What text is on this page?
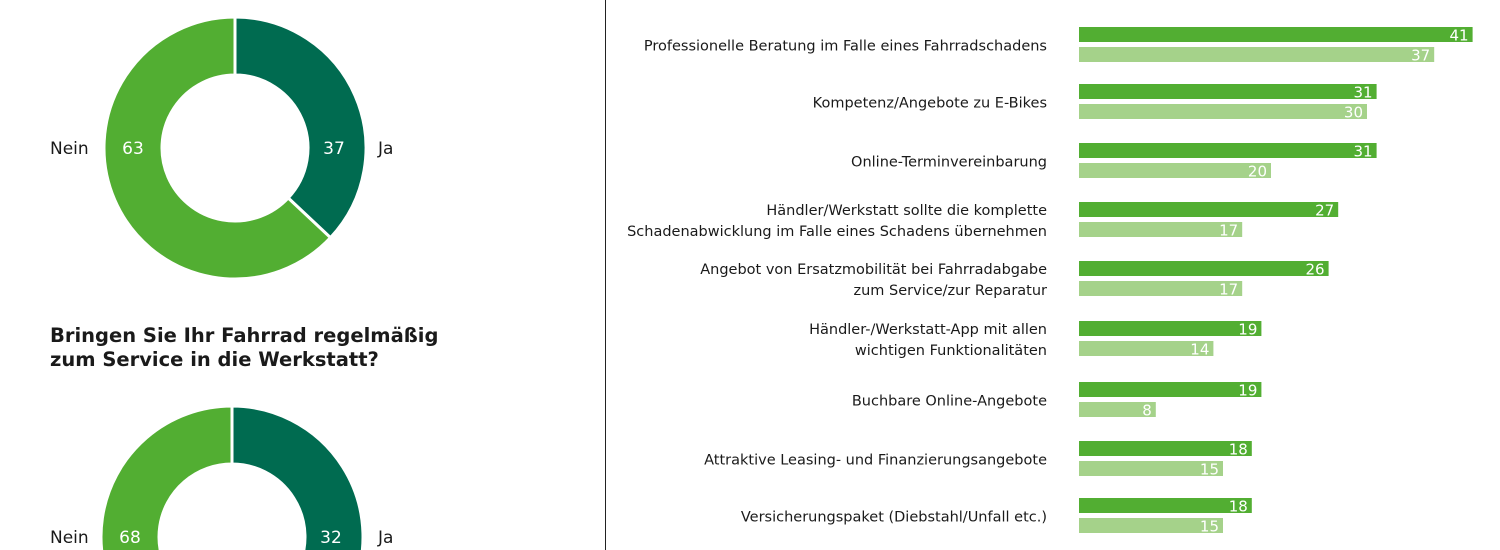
63	37
Nein	Ja
Bringen Sie Ihr Fahrrad regelmäßig
zum Service in die Werkstatt?
68	32
Nein	Ja
Professionelle Beratung im Falle eines Fahrradschadens
41
37
Kompetenz/Angebote zu E-Bikes
31
30
Online-Terminvereinbarung
31
20
Händler/Werkstatt sollte die komplette
Schadenabwicklung im Falle eines Schadens übernehmen
27
17
Angebot von Ersatzmobilität bei Fahrradabgabe
zum Service/zur Reparatur
26
17
Händler-/Werkstatt-App mit allen
wichtigen Funktionalitäten
19
14
Buchbare Online-Angebote
19
8
Attraktive Leasing- und Finanzierungsangebote
18
15
Versicherungspaket (Diebstahl/Unfall etc.)
18
15
